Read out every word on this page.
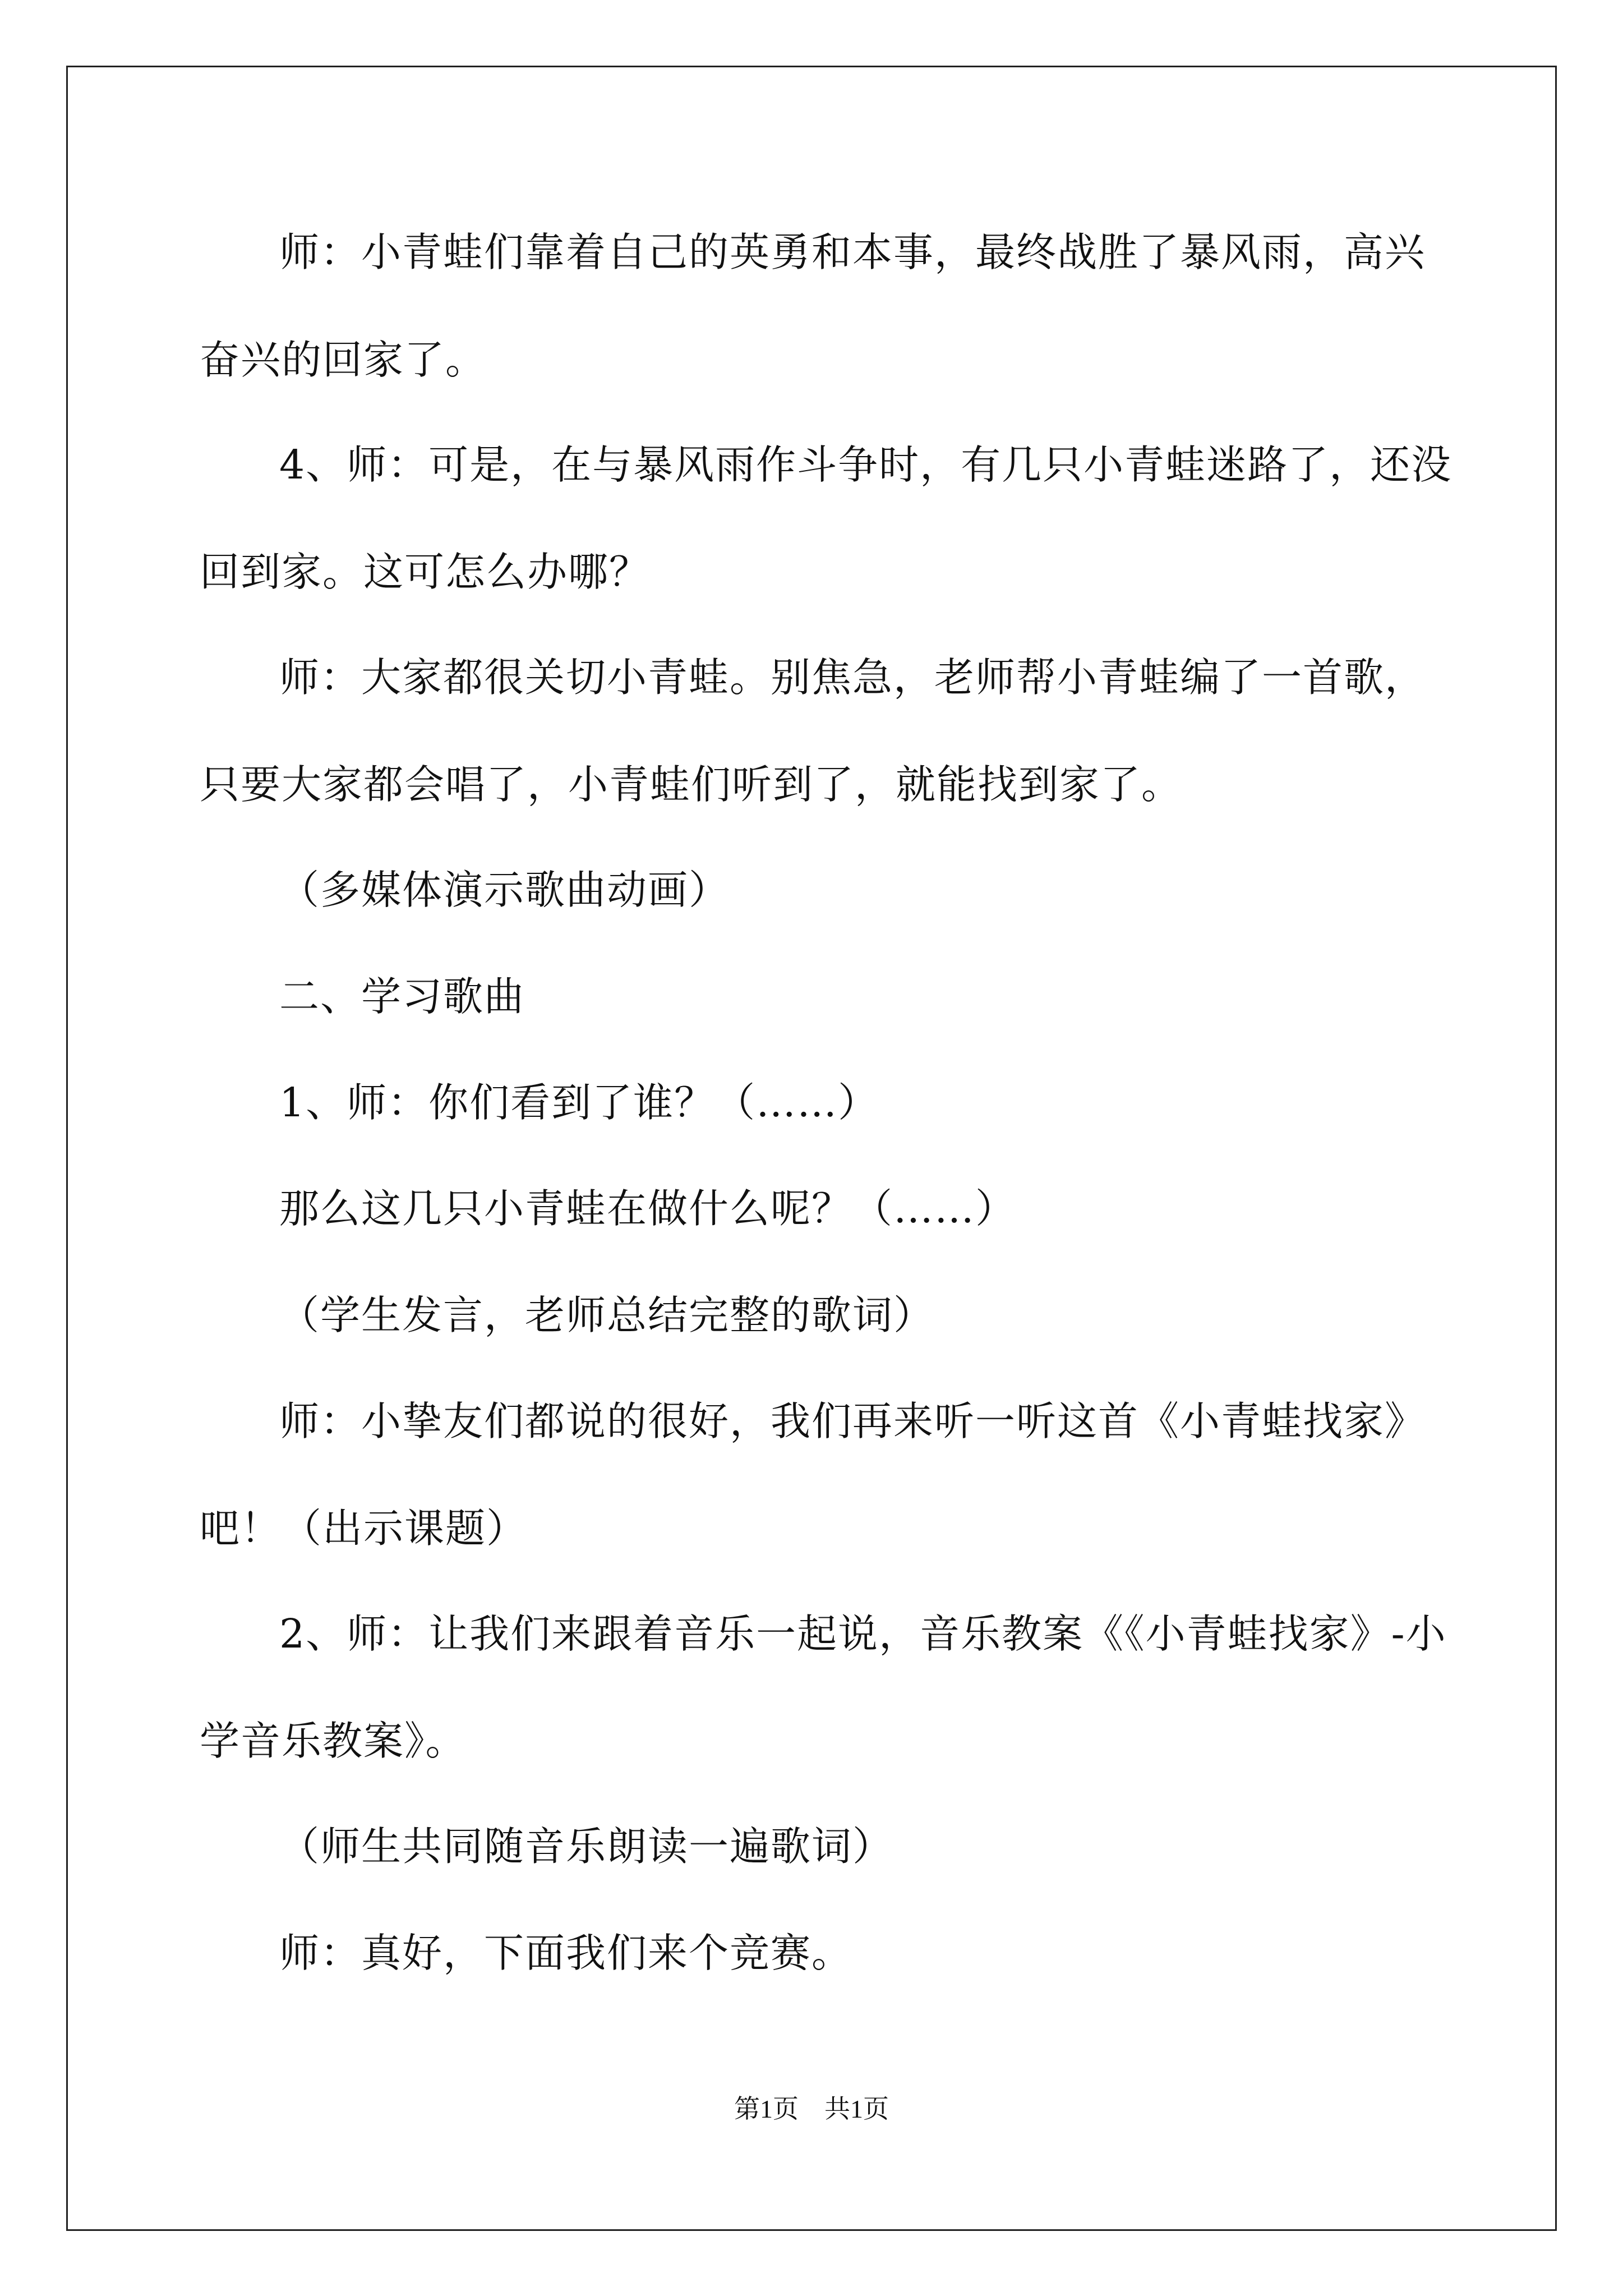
师：小青蛙们靠着自己的英勇和本事，最终战胜了暴风雨，高兴
奋兴的回家了。
4、师：可是，在与暴风雨作斗争时，有几只小青蛙迷路了，还没
回到家。这可怎么办哪？
师：大家都很关切小青蛙。别焦急，老师帮小青蛙编了一首歌，
只要大家都会唱了，小青蛙们听到了，就能找到家了。
（多媒体演示歌曲动画）
二、学习歌曲
1、师：你们看到了谁？（……）
那么这几只小青蛙在做什么呢？（……）
（学生发言，老师总结完整的歌词）
师：小挚友们都说的很好，我们再来听一听这首《小青蛙找家》
吧！（出示课题）
2、师：让我们来跟着音乐一起说，音乐教案《《小青蛙找家》-小
学音乐教案》。
（师生共同随音乐朗读一遍歌词）
师：真好，下面我们来个竞赛。
第1页　共1页
